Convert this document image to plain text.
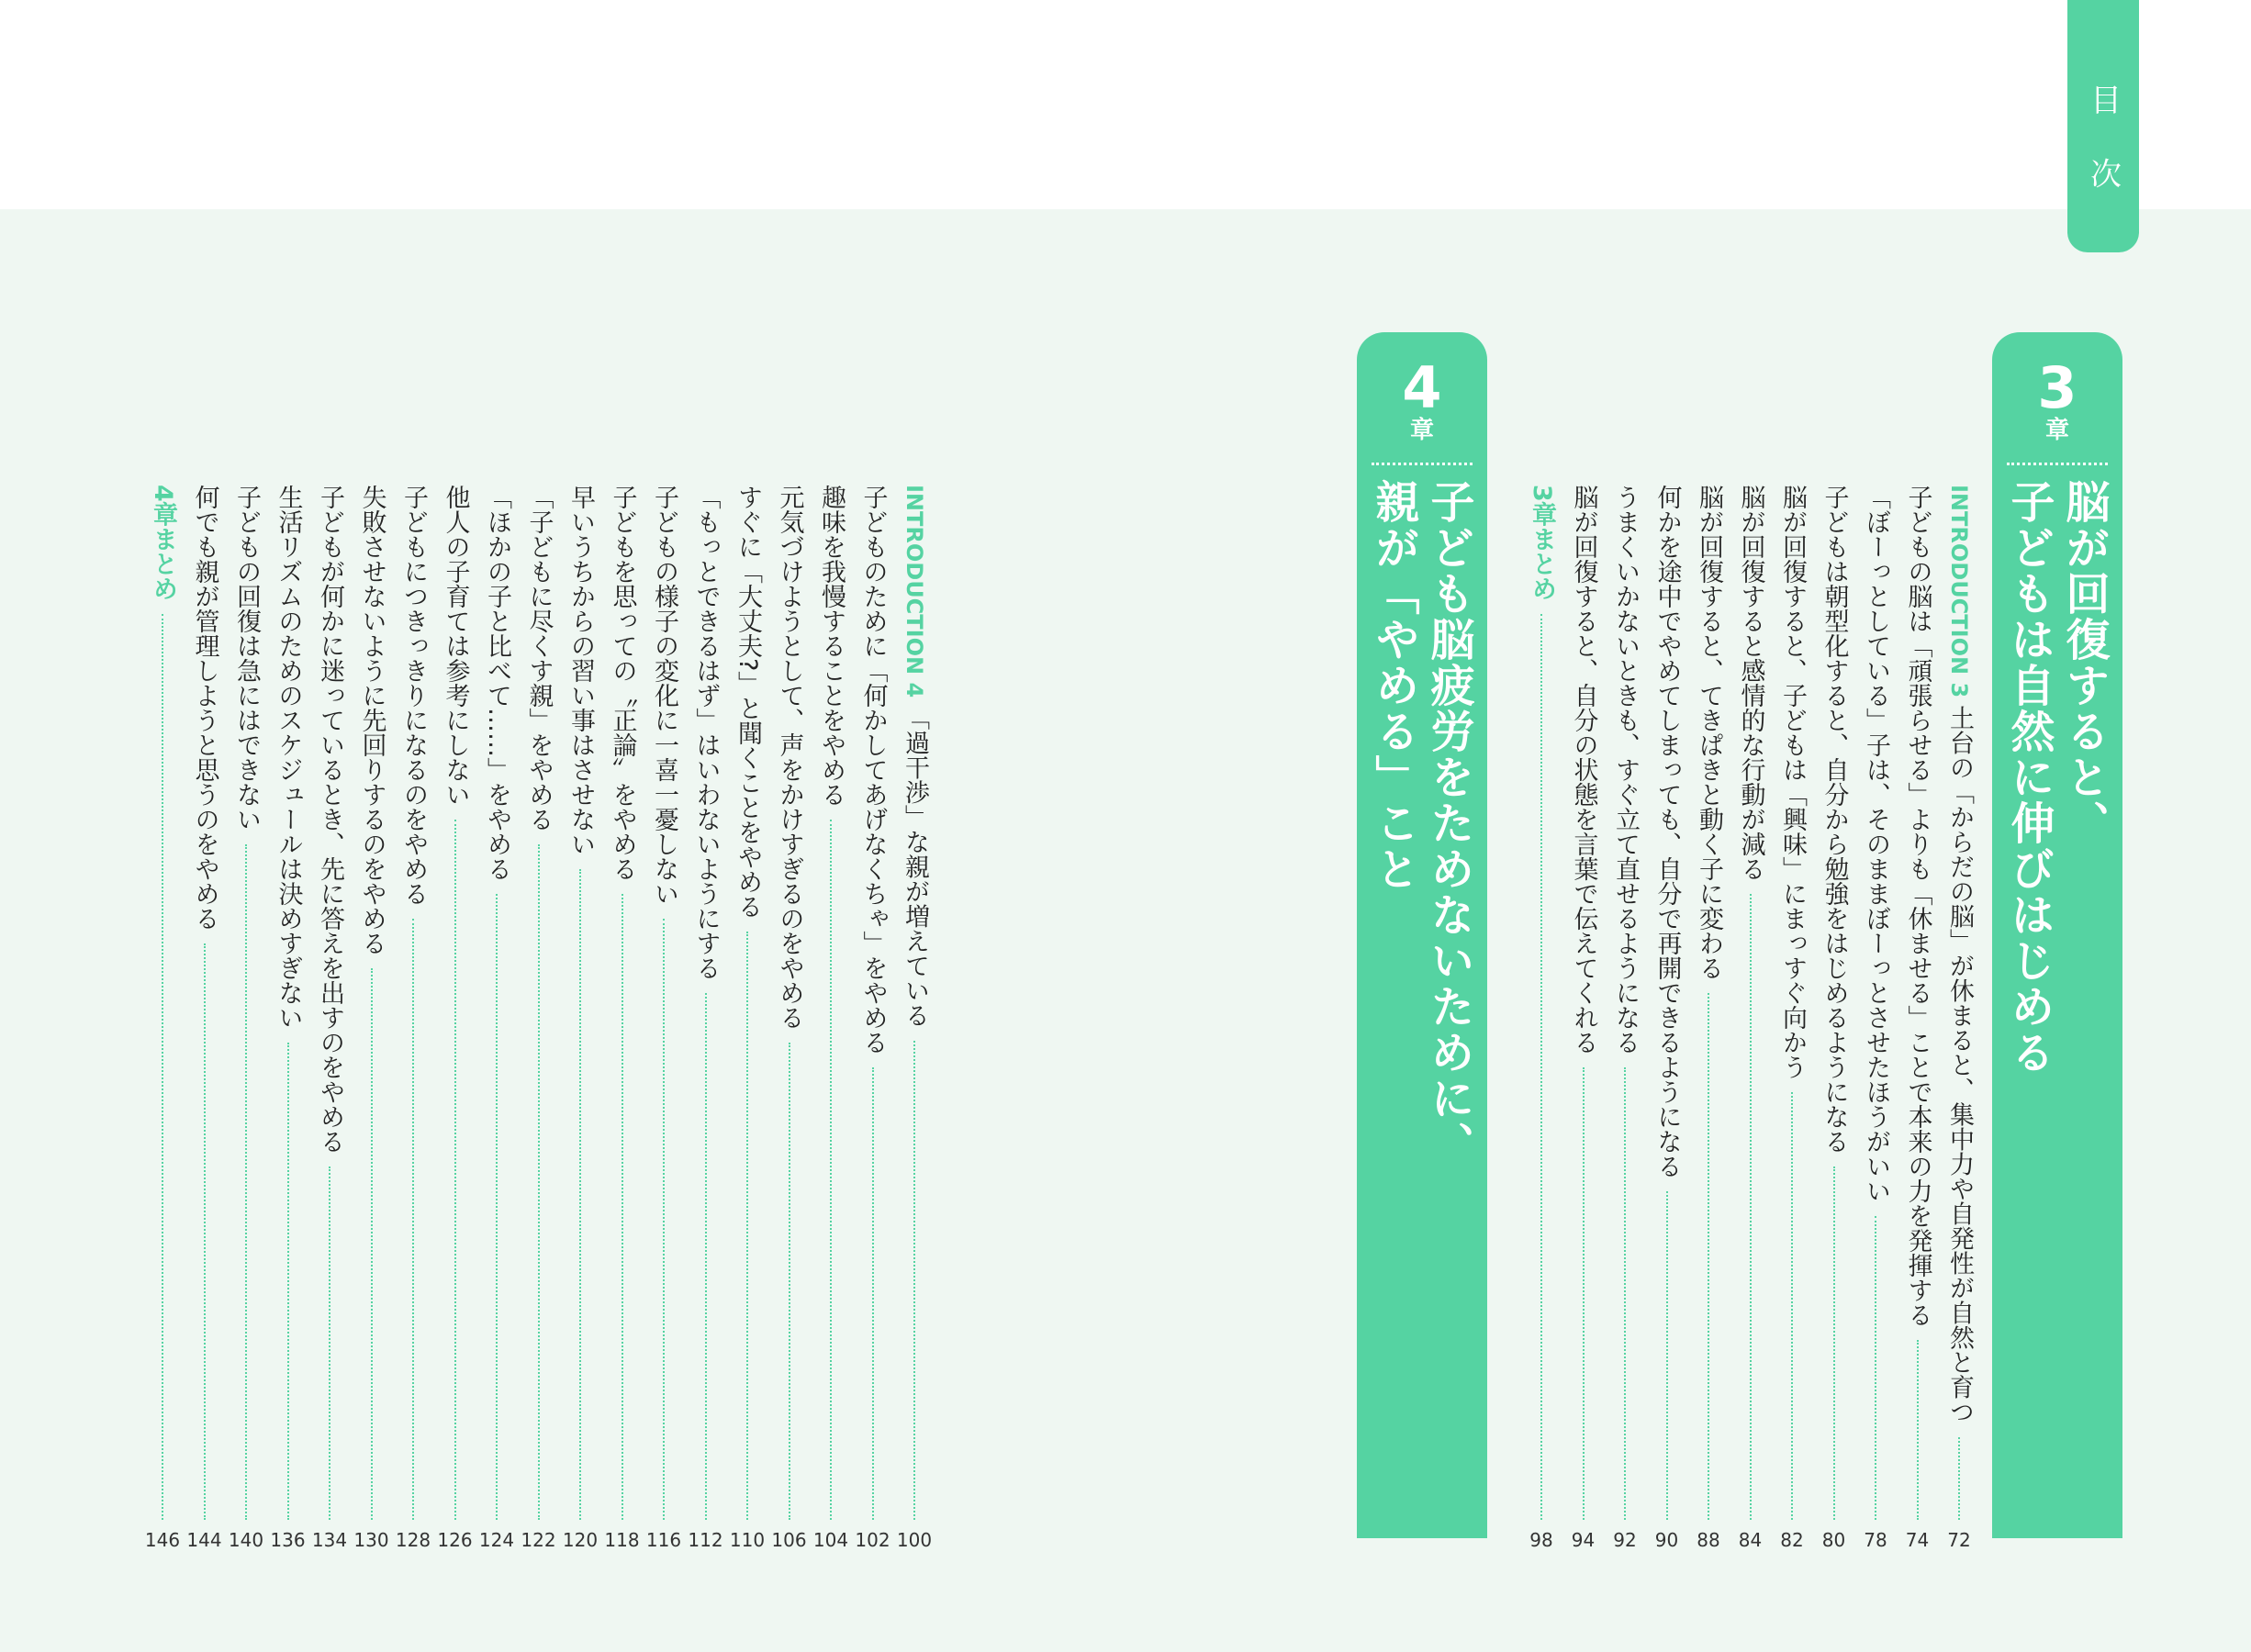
目 次
3
章
脳が回復すると、
子どもは自然に伸びはじめる
4
章
子ども脳疲労をためないために、
親が「やめる」こと	INTRODUCTION 3 土台の「からだの脳」が休まると、集中力や自発性が自然と育つ
72
子どもの脳は「頑張らせる」よりも「休ませる」ことで本来の力を発揮する
74
「ぼーっとしている」子は、そのままぼーっとさせたほうがいい
78
子どもは朝型化すると、自分から勉強をはじめるようになる
80
脳が回復すると、子どもは「興味」にまっすぐ向かう
82
脳が回復すると感情的な行動が減る
84
脳が回復すると、てきぱきと動く子に変わる
88
何かを途中でやめてしまっても、自分で再開できるようになる
90
うまくいかないときも、すぐ立て直せるようになる
92
脳が回復すると、自分の状態を言葉で伝えてくれる
94
3章まとめ
98
INTRODUCTION 4 「過干渉」な親が増えている
100
子どものために「何かしてあげなくちゃ」をやめる
102
趣味を我慢することをやめる
104
元気づけようとして、声をかけすぎるのをやめる
106
すぐに「大丈夫?」と聞くことをやめる
110
「もっとできるはず」はいわないようにする
112
子どもの様子の変化に一喜一憂しない
116
子どもを思っての〝正論〟をやめる
118
早いうちからの習い事はさせない
120
「子どもに尽くす親」をやめる
122
「ほかの子と比べて……」をやめる
124
他人の子育ては参考にしない
126
子どもにつきっきりになるのをやめる
128
失敗させないように先回りするのをやめる
130
子どもが何かに迷っているとき、先に答えを出すのをやめる
134
生活リズムのためのスケジュールは決めすぎない
136
子どもの回復は急にはできない
140
何でも親が管理しようと思うのをやめる
144
4章まとめ
146
